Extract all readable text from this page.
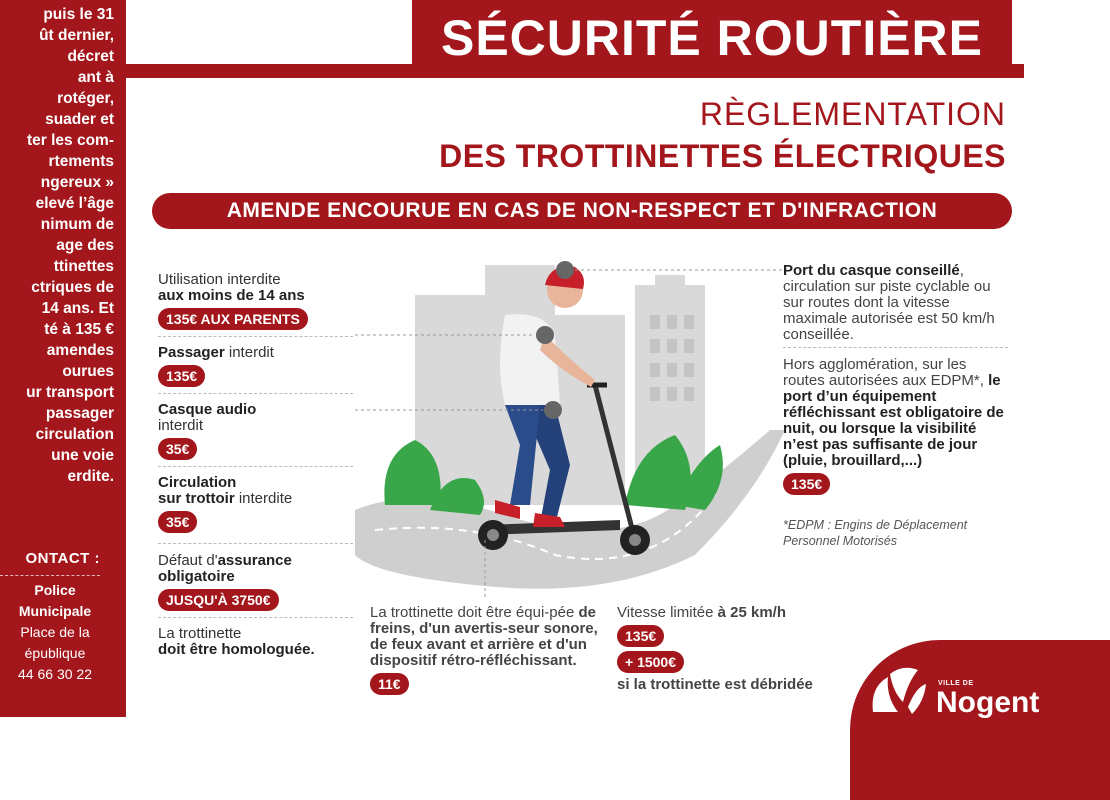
puis le 31
ût dernier,
décret
ant à
rotéger,
suader et
ter les com-
rtements
ngereux »
elevé l’âge
nimum de
age des
ttinettes
ctriques de
14 ans. Et
té à 135 €
amendes
ourues
ur transport
passager
circulation
une voie
erdite.
ONTACT :
Police
Municipale
Place de la
épublique
44 66 30 22
SÉCURITÉ ROUTIÈRE
RÈGLEMENTATION
DES TROTTINETTES ÉLECTRIQUES
AMENDE ENCOURUE EN CAS DE NON-RESPECT ET D'INFRACTION
Utilisation interdite
aux moins de 14 ans
135€ AUX PARENTS
Passager interdit
135€
Casque audio
interdit
35€
Circulation
sur trottoir interdite
35€
Défaut d'assurance
obligatoire
JUSQU'À 3750€
La trottinette
doit être homologuée.
Port du casque conseillé, circulation sur piste cyclable ou sur routes dont la vitesse maximale autorisée est 50 km/h conseillée.
Hors agglomération, sur les routes autorisées aux EDPM*, le port d’un équipement réfléchissant est obligatoire de nuit, ou lorsque la visibilité n’est pas suffisante de jour (pluie, brouillard,...)
135€
*EDPM : Engins de Déplacement Personnel Motorisés
La trottinette doit être équi-pée de freins, d'un avertis-seur sonore, de feux avant et arrière et d'un dispositif rétro-réfléchissant.
11€
Vitesse limitée à 25 km/h
135€
+ 1500€
si la trottinette est débridée	VILLE DE
Nogent
